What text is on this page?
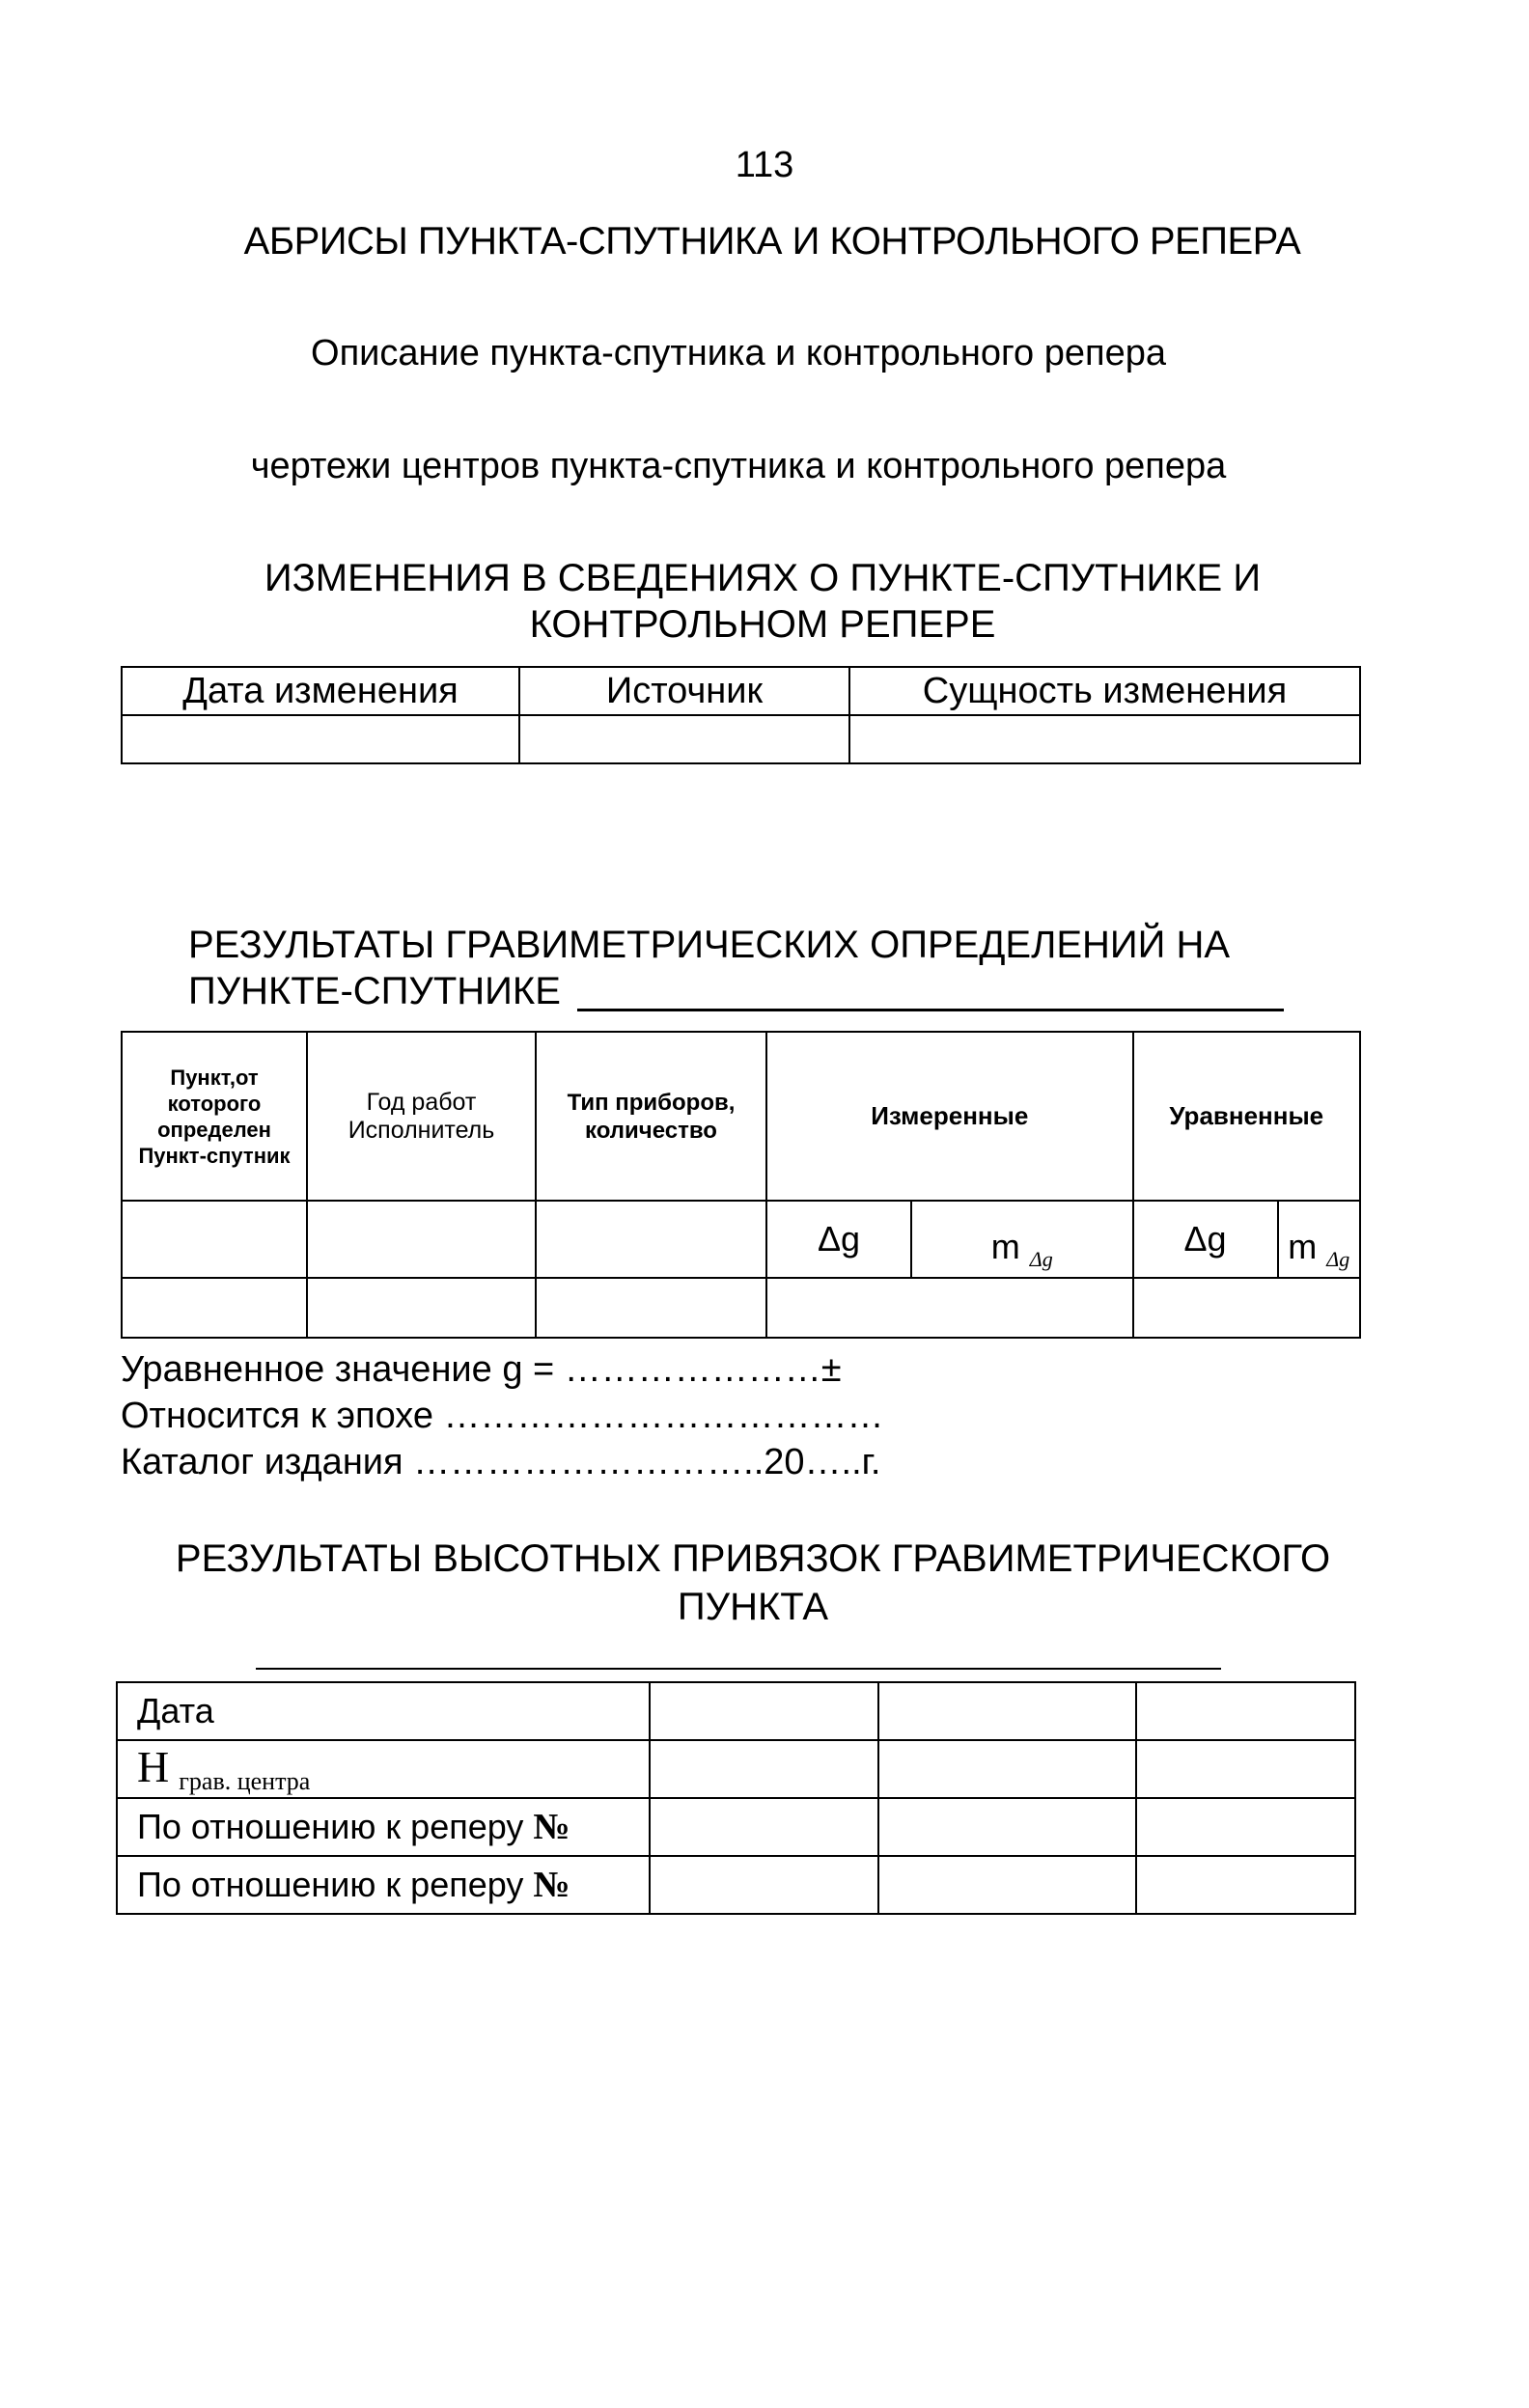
113
АБРИСЫ ПУНКТА-СПУТНИКА И КОНТРОЛЬНОГО РЕПЕРА
Описание пункта-спутника и контрольного репера
чертежи центров пункта-спутника и контрольного репера
ИЗМЕНЕНИЯ В СВЕДЕНИЯХ О ПУНКТЕ-СПУТНИКЕ И
КОНТРОЛЬНОМ РЕПЕРЕ
Дата изменения	Источник	Сущность изменения

РЕЗУЛЬТАТЫ ГРАВИМЕТРИЧЕСКИХ ОПРЕДЕЛЕНИЙ НА
ПУНКТЕ-СПУТНИКЕ
Пункт,от которого определен Пункт-спутник	Год работ Исполнитель	Тип приборов, количество	Измеренные		Уравненные	
			Δg	m $_{\Delta g}$	Δg	m $_{\Delta g}$

Уравненное значение g = …………………±
Относится к эпохе ………………………………
Каталог издания ………………………..20…..г.
РЕЗУЛЬТАТЫ ВЫСОТНЫХ ПРИВЯЗОК ГРАВИМЕТРИЧЕСКОГО
ПУНКТА
Дата			
Н $_{грав. центра}$			
По отношению к реперу №			
По отношению к реперу №			
